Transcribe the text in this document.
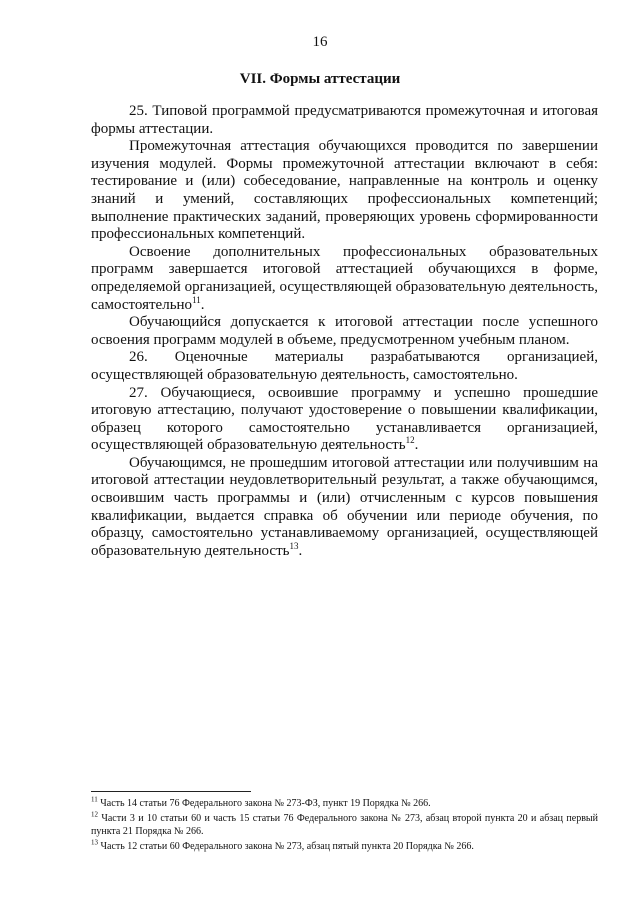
16
VII. Формы аттестации

25. Типовой программой предусматриваются промежуточная и итоговая формы аттестации.

Промежуточная аттестация обучающихся проводится по завершении изучения модулей. Формы промежуточной аттестации включают в себя: тестирование и (или) собеседование, направленные на контроль и оценку знаний и умений, составляющих профессиональных компетенций; выполнение практических заданий, проверяющих уровень сформированности профессиональных компетенций.

Освоение дополнительных профессиональных образовательных программ завершается итоговой аттестацией обучающихся в форме, определяемой организацией, осуществляющей образовательную деятельность, самостоятельно$^{11}$.

Обучающийся допускается к итоговой аттестации после успешного освоения программ модулей в объеме, предусмотренном учебным планом.

26. Оценочные материалы разрабатываются организацией, осуществляющей образовательную деятельность, самостоятельно.

27. Обучающиеся, освоившие программу и успешно прошедшие итоговую аттестацию, получают удостоверение о повышении квалификации, образец которого самостоятельно устанавливается организацией, осуществляющей образовательную деятельность$^{12}$.

Обучающимся, не прошедшим итоговой аттестации или получившим на итоговой аттестации неудовлетворительный результат, а также обучающимся, освоившим часть программы и (или) отчисленным с курсов повышения квалификации, выдается справка об обучении или периоде обучения, по образцу, самостоятельно устанавливаемому организацией, осуществляющей образовательную деятельность$^{13}$.

$^{11}$ Часть 14 статьи 76 Федерального закона № 273-ФЗ, пункт 19 Порядка № 266.

$^{12}$ Части 3 и 10 статьи 60 и часть 15 статьи 76 Федерального закона № 273, абзац второй пункта 20 и абзац первый пункта 21 Порядка № 266.

$^{13}$ Часть 12 статьи 60 Федерального закона № 273, абзац пятый пункта 20 Порядка № 266.
